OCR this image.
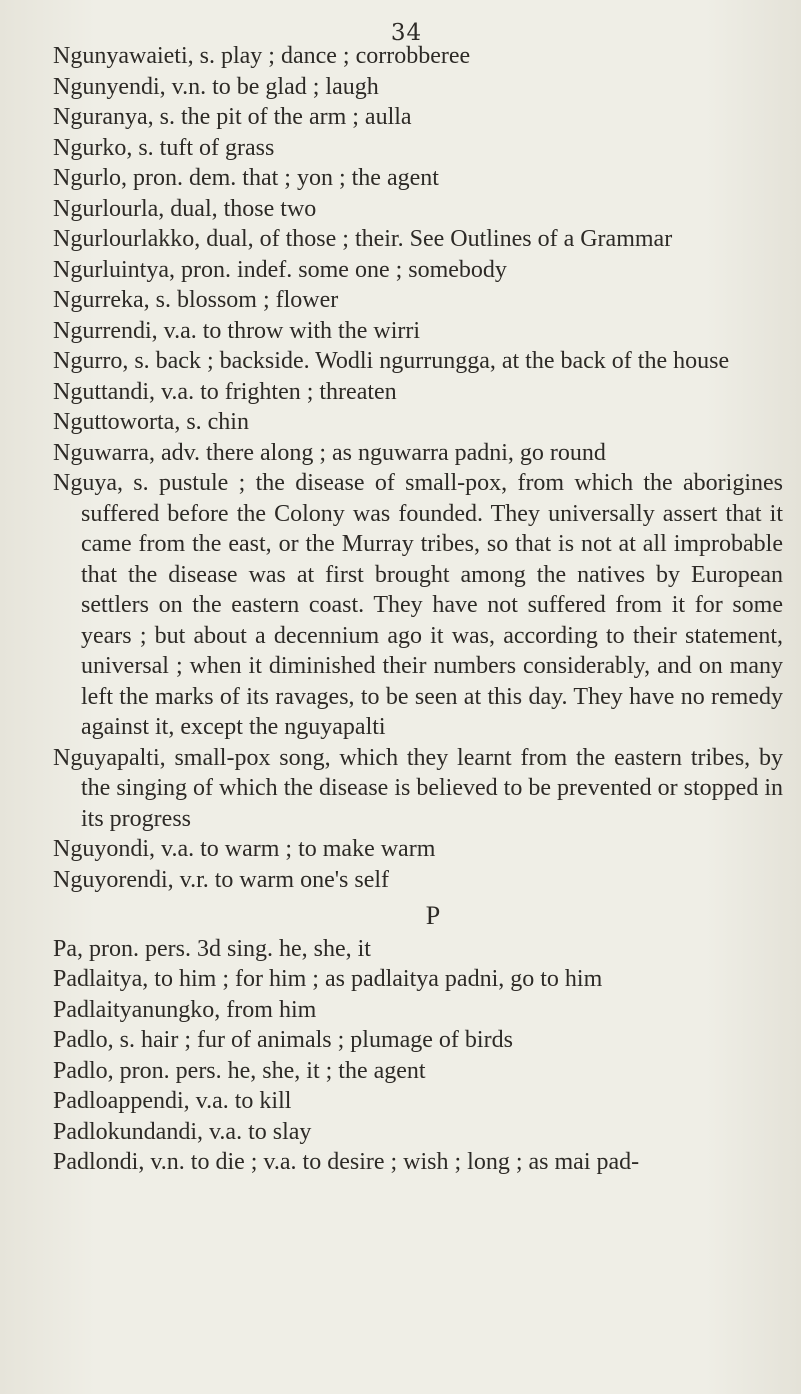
34

Ngunyawaieti, s. play ; dance ; corrobberee

Ngunyendi, v.n. to be glad ; laugh

Nguranya, s. the pit of the arm ; aulla

Ngurko, s. tuft of grass

Ngurlo, pron. dem. that ; yon ; the agent

Ngurlourla, dual, those two

Ngurlourlakko, dual, of those ; their. See Outlines of a Grammar

Ngurluintya, pron. indef. some one ; somebody

Ngurreka, s. blossom ; flower

Ngurrendi, v.a. to throw with the wirri

Ngurro, s. back ; backside. Wodli ngurrungga, at the back of the house

Nguttandi, v.a. to frighten ; threaten

Nguttoworta, s. chin

Nguwarra, adv. there along ; as nguwarra padni, go round

Nguya, s. pustule ; the disease of small-pox, from which the aborigines suffered before the Colony was founded. They universally assert that it came from the east, or the Murray tribes, so that is not at all improbable that the disease was at first brought among the natives by European settlers on the eastern coast. They have not suffered from it for some years ; but about a decennium ago it was, according to their statement, universal ; when it diminished their numbers considerably, and on many left the marks of its ravages, to be seen at this day. They have no remedy against it, except the nguyapalti

Nguyapalti, small-pox song, which they learnt from the eastern tribes, by the singing of which the disease is believed to be prevented or stopped in its progress

Nguyondi, v.a. to warm ; to make warm

Nguyorendi, v.r. to warm one's self

P

Pa, pron. pers. 3d sing. he, she, it

Padlaitya, to him ; for him ; as padlaitya padni, go to him

Padlaityanungko, from him

Padlo, s. hair ; fur of animals ; plumage of birds

Padlo, pron. pers. he, she, it ; the agent

Padloappendi, v.a. to kill

Padlokundandi, v.a. to slay

Padlondi, v.n. to die ; v.a. to desire ; wish ; long ; as mai pad-
